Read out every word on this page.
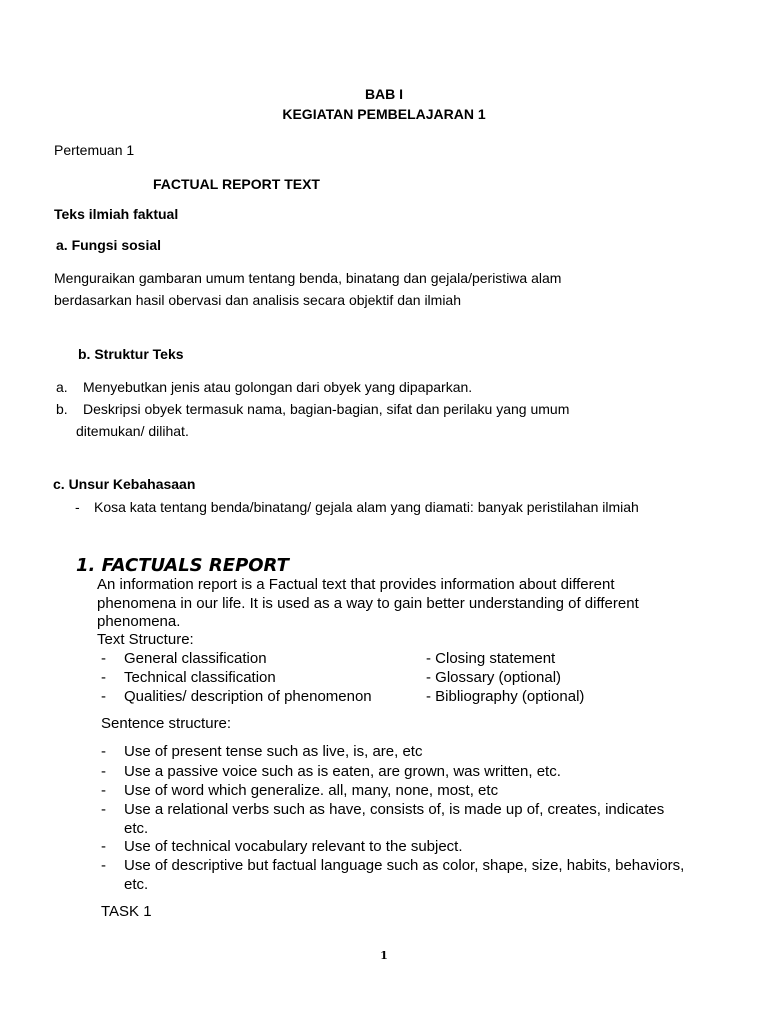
BAB I
KEGIATAN PEMBELAJARAN 1
Pertemuan 1
FACTUAL REPORT TEXT
Teks ilmiah faktual
a. Fungsi sosial
Menguraikan gambaran umum tentang benda, binatang dan gejala/peristiwa alam
berdasarkan hasil obervasi dan analisis secara objektif dan ilmiah
b. Struktur Teks
a. Menyebutkan jenis atau golongan dari obyek yang dipaparkan.
b. Deskripsi obyek termasuk nama, bagian-bagian, sifat dan perilaku yang umum
ditemukan/ dilihat.
c. Unsur Kebahasaan
- Kosa kata tentang benda/binatang/ gejala alam yang diamati: banyak peristilahan ilmiah
1. FACTUALS REPORT
An information report is a Factual text that provides information about different
phenomena in our life. It is used as a way to gain better understanding of different
phenomena.
Text Structure:
- General classification	- Closing statement
- Technical classification	- Glossary (optional)
- Qualities/ description of phenomenon	- Bibliography (optional)
Sentence structure:
- Use of present tense such as live, is, are, etc
- Use a passive voice such as is eaten, are grown, was written, etc.
- Use of word which generalize. all, many, none, most, etc
- Use a relational verbs such as have, consists of, is made up of, creates, indicates
etc.
- Use of technical vocabulary relevant to the subject.
- Use of descriptive but factual language such as color, shape, size, habits, behaviors,
etc.
TASK 1
1
